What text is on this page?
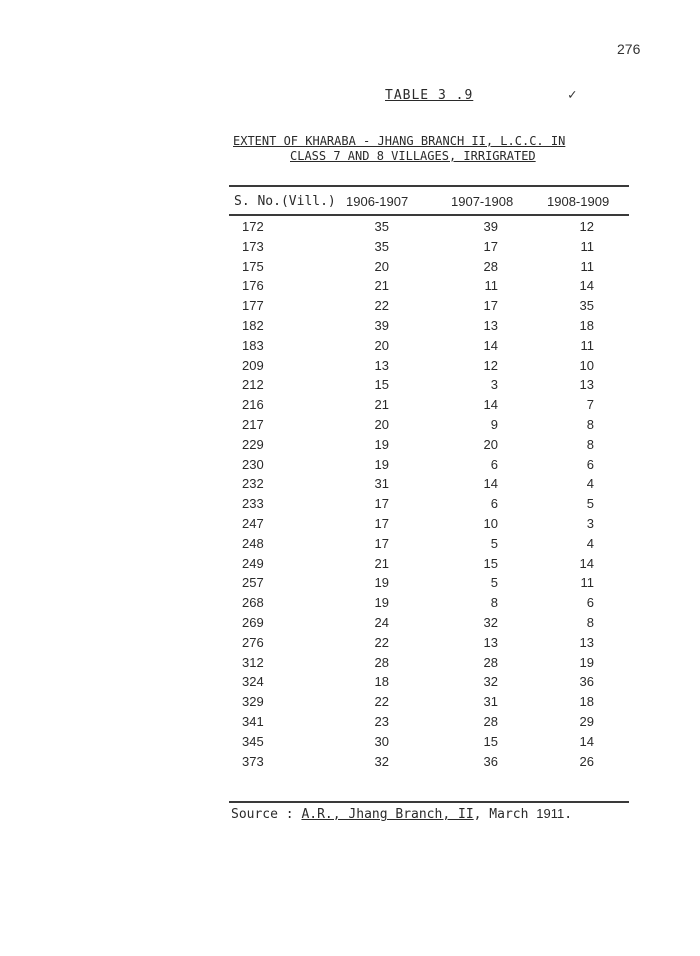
276
TABLE 3 .9	✓
EXTENT OF KHARABA - JHANG BRANCH II, L.C.C. IN
CLASS 7 AND 8 VILLAGES, IRRIGRATED
S. No.(Vill.) 1906-1907	1907-1908	1908-1909
172	35	39	12
173	35	17	11
175	20	28	11
176	21	11	14
177	22	17	35
182	39	13	18
183	20	14	11
209	13	12	10
212	15	3	13
216	21	14	7
217	20	9	8
229	19	20	8
230	19	6	6
232	31	14	4
233	17	6	5
247	17	10	3
248	17	5	4
249	21	15	14
257	19	5	11
268	19	8	6
269	24	32	8
276	22	13	13
312	28	28	19
324	18	32	36
329	22	31	18
341	23	28	29
345	30	15	14
373	32	36	26
Source : A.R., Jhang Branch, II, March 1911.
